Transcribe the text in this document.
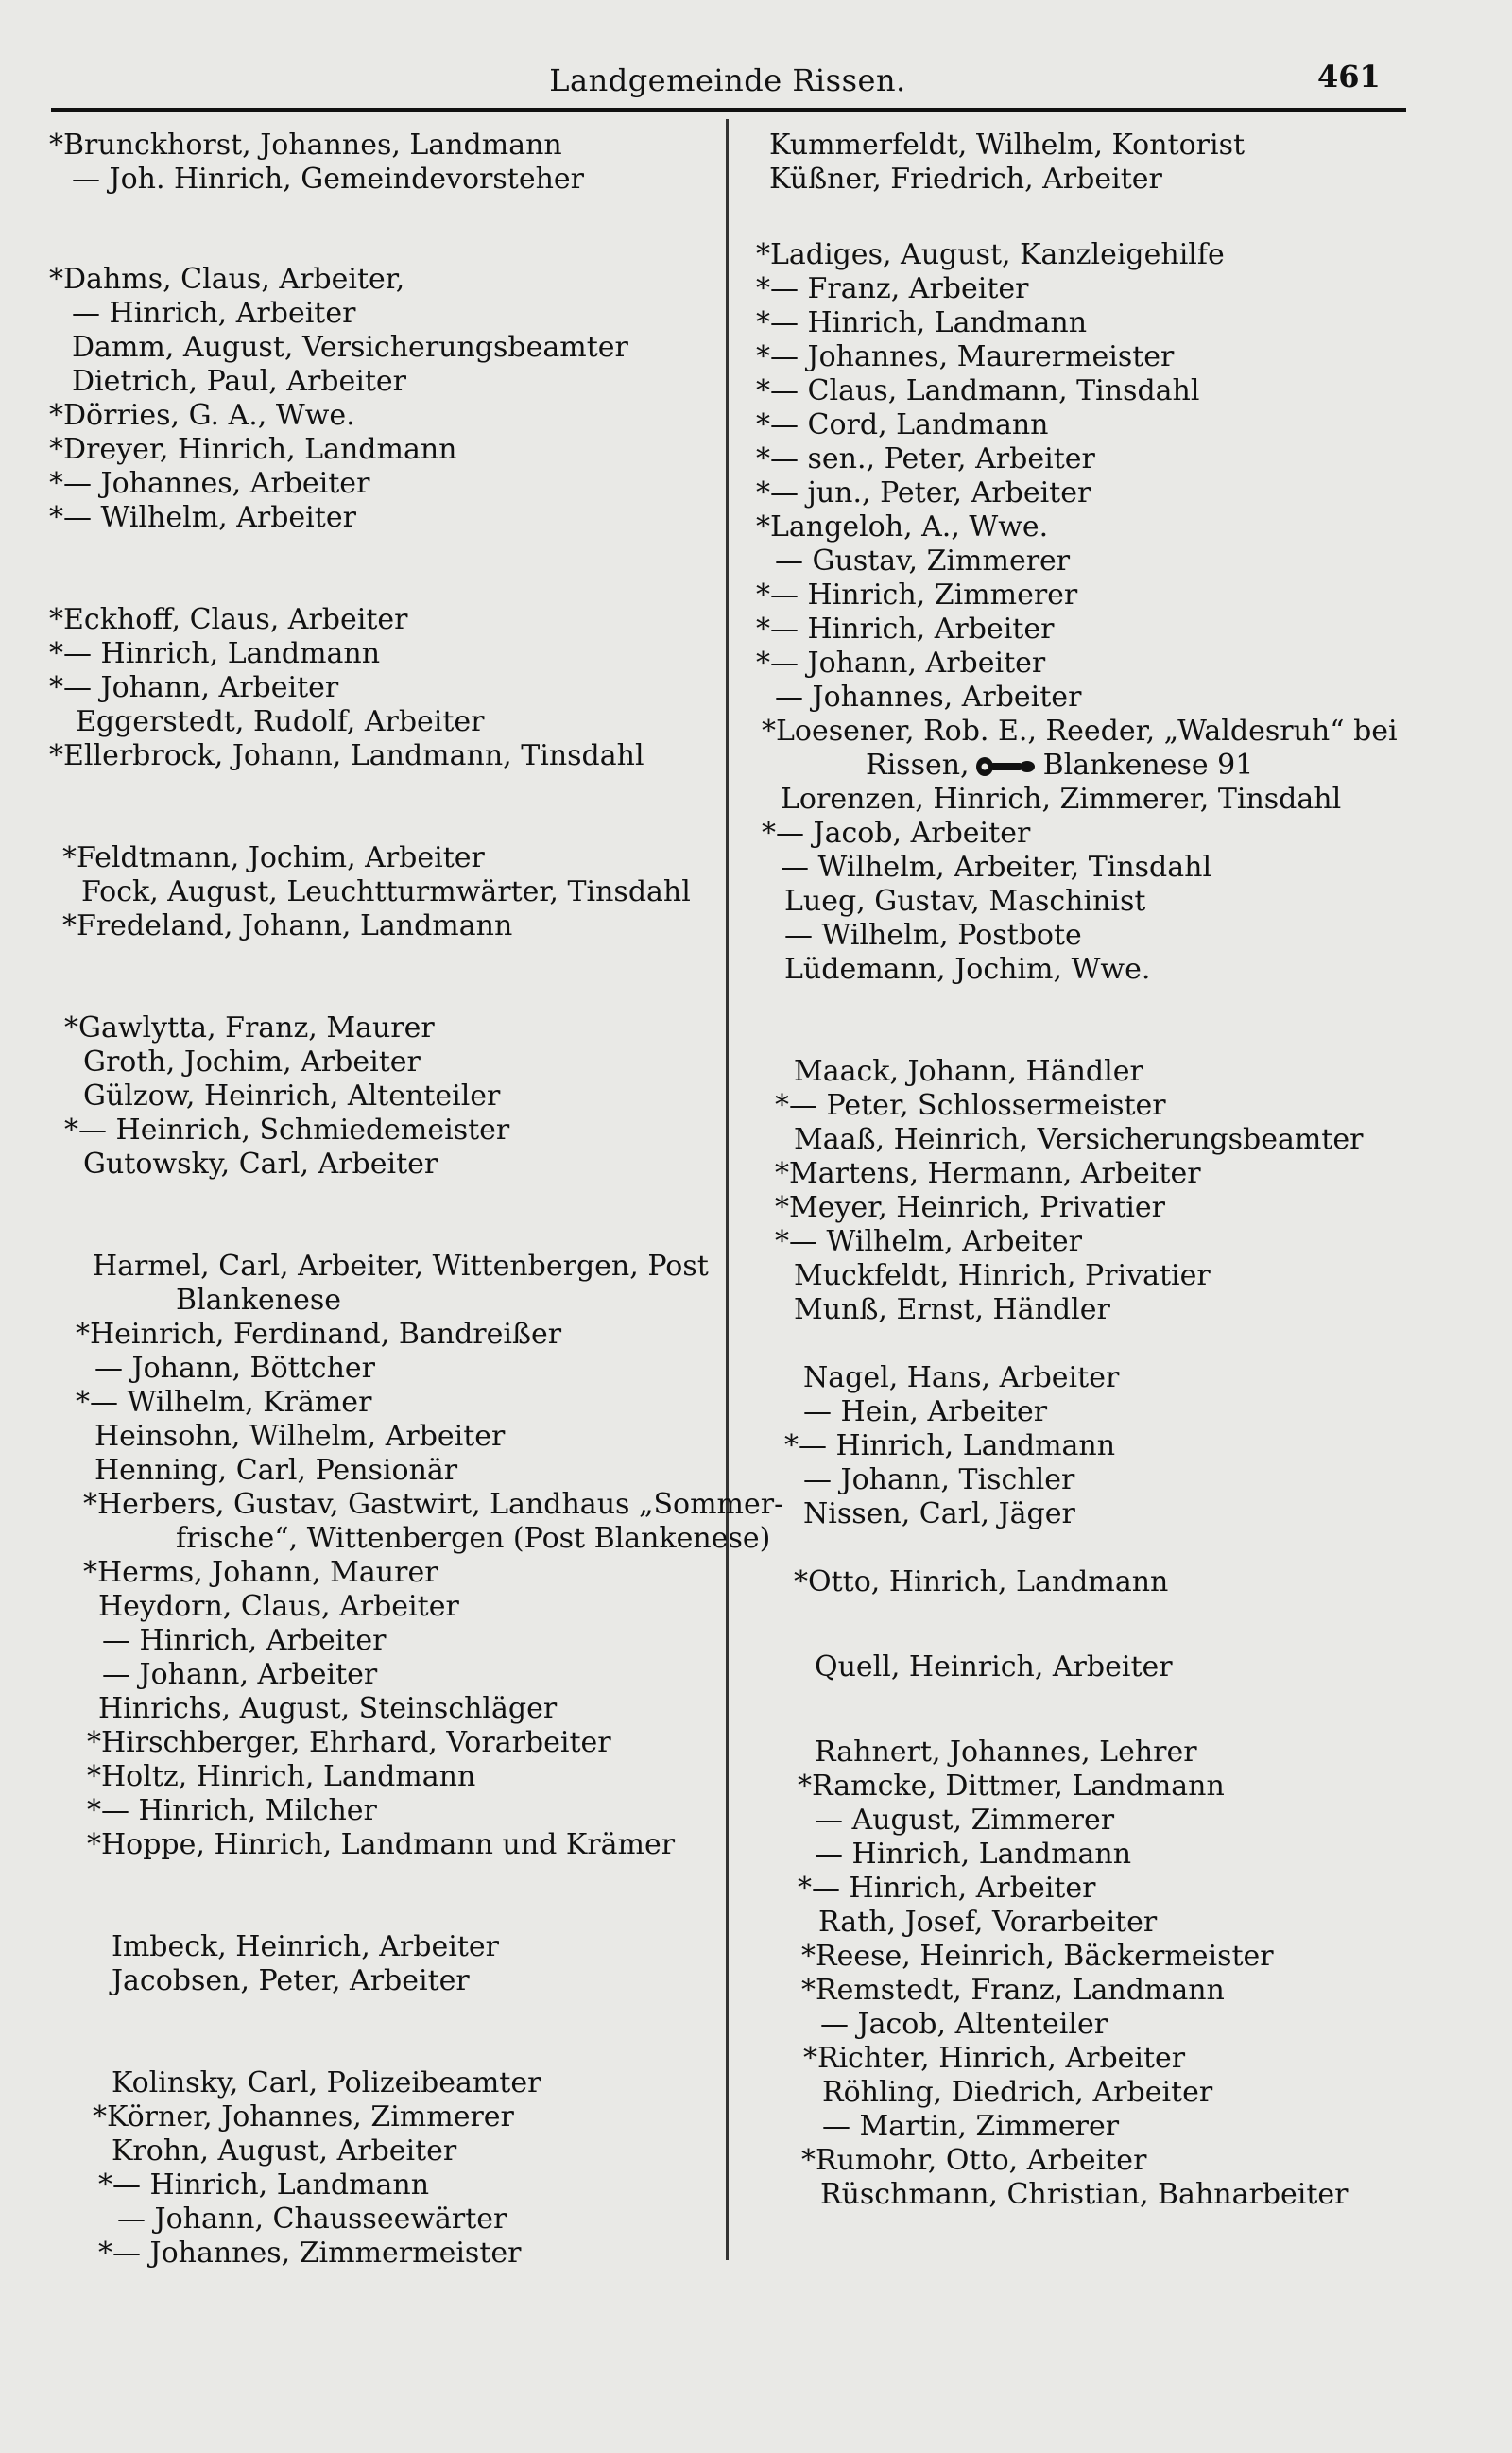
Landgemeinde Rissen.	461
*Brunckhorst, Johannes, Landmann
— Joh. Hinrich, Gemeindevorsteher
*Dahms, Claus, Arbeiter,
— Hinrich, Arbeiter
Damm, August, Versicherungsbeamter
Dietrich, Paul, Arbeiter
*Dörries, G. A., Wwe.
*Dreyer, Hinrich, Landmann
*— Johannes, Arbeiter
*— Wilhelm, Arbeiter
*Eckhoff, Claus, Arbeiter
*— Hinrich, Landmann
*— Johann, Arbeiter
Eggerstedt, Rudolf, Arbeiter
*Ellerbrock, Johann, Landmann, Tinsdahl
*Feldtmann, Jochim, Arbeiter
Fock, August, Leuchtturmwärter, Tinsdahl
*Fredeland, Johann, Landmann
*Gawlytta, Franz, Maurer
Groth, Jochim, Arbeiter
Gülzow, Heinrich, Altenteiler
*— Heinrich, Schmiedemeister
Gutowsky, Carl, Arbeiter
Harmel, Carl, Arbeiter, Wittenbergen, Post
Blankenese
*Heinrich, Ferdinand, Bandreißer
— Johann, Böttcher
*— Wilhelm, Krämer
Heinsohn, Wilhelm, Arbeiter
Henning, Carl, Pensionär
*Herbers, Gustav, Gastwirt, Landhaus „Sommer-
frische“, Wittenbergen (Post Blankenese)
*Herms, Johann, Maurer
Heydorn, Claus, Arbeiter
— Hinrich, Arbeiter
— Johann, Arbeiter
Hinrichs, August, Steinschläger
*Hirschberger, Ehrhard, Vorarbeiter
*Holtz, Hinrich, Landmann
*— Hinrich, Milcher
*Hoppe, Hinrich, Landmann und Krämer
Imbeck, Heinrich, Arbeiter
Jacobsen, Peter, Arbeiter
Kolinsky, Carl, Polizeibeamter
*Körner, Johannes, Zimmerer
Krohn, August, Arbeiter
*— Hinrich, Landmann
— Johann, Chausseewärter
*— Johannes, Zimmermeister
Kummerfeldt, Wilhelm, Kontorist
Küßner, Friedrich, Arbeiter
*Ladiges, August, Kanzleigehilfe
*— Franz, Arbeiter
*— Hinrich, Landmann
*— Johannes, Maurermeister
*— Claus, Landmann, Tinsdahl
*— Cord, Landmann
*— sen., Peter, Arbeiter
*— jun., Peter, Arbeiter
*Langeloh, A., Wwe.
— Gustav, Zimmerer
*— Hinrich, Zimmerer
*— Hinrich, Arbeiter
*— Johann, Arbeiter
— Johannes, Arbeiter
*Loesener, Rob. E., Reeder, „Waldesruh“ bei
Rissen,	Blankenese 91
Lorenzen, Hinrich, Zimmerer, Tinsdahl
*— Jacob, Arbeiter
— Wilhelm, Arbeiter, Tinsdahl
Lueg, Gustav, Maschinist
— Wilhelm, Postbote
Lüdemann, Jochim, Wwe.
Maack, Johann, Händler
*— Peter, Schlossermeister
Maaß, Heinrich, Versicherungsbeamter
*Martens, Hermann, Arbeiter
*Meyer, Heinrich, Privatier
*— Wilhelm, Arbeiter
Muckfeldt, Hinrich, Privatier
Munß, Ernst, Händler
Nagel, Hans, Arbeiter
— Hein, Arbeiter
*— Hinrich, Landmann
— Johann, Tischler
Nissen, Carl, Jäger
*Otto, Hinrich, Landmann
Quell, Heinrich, Arbeiter
Rahnert, Johannes, Lehrer
*Ramcke, Dittmer, Landmann
— August, Zimmerer
— Hinrich, Landmann
*— Hinrich, Arbeiter
Rath, Josef, Vorarbeiter
*Reese, Heinrich, Bäckermeister
*Remstedt, Franz, Landmann
— Jacob, Altenteiler
*Richter, Hinrich, Arbeiter
Röhling, Diedrich, Arbeiter
— Martin, Zimmerer
*Rumohr, Otto, Arbeiter
Rüschmann, Christian, Bahnarbeiter
